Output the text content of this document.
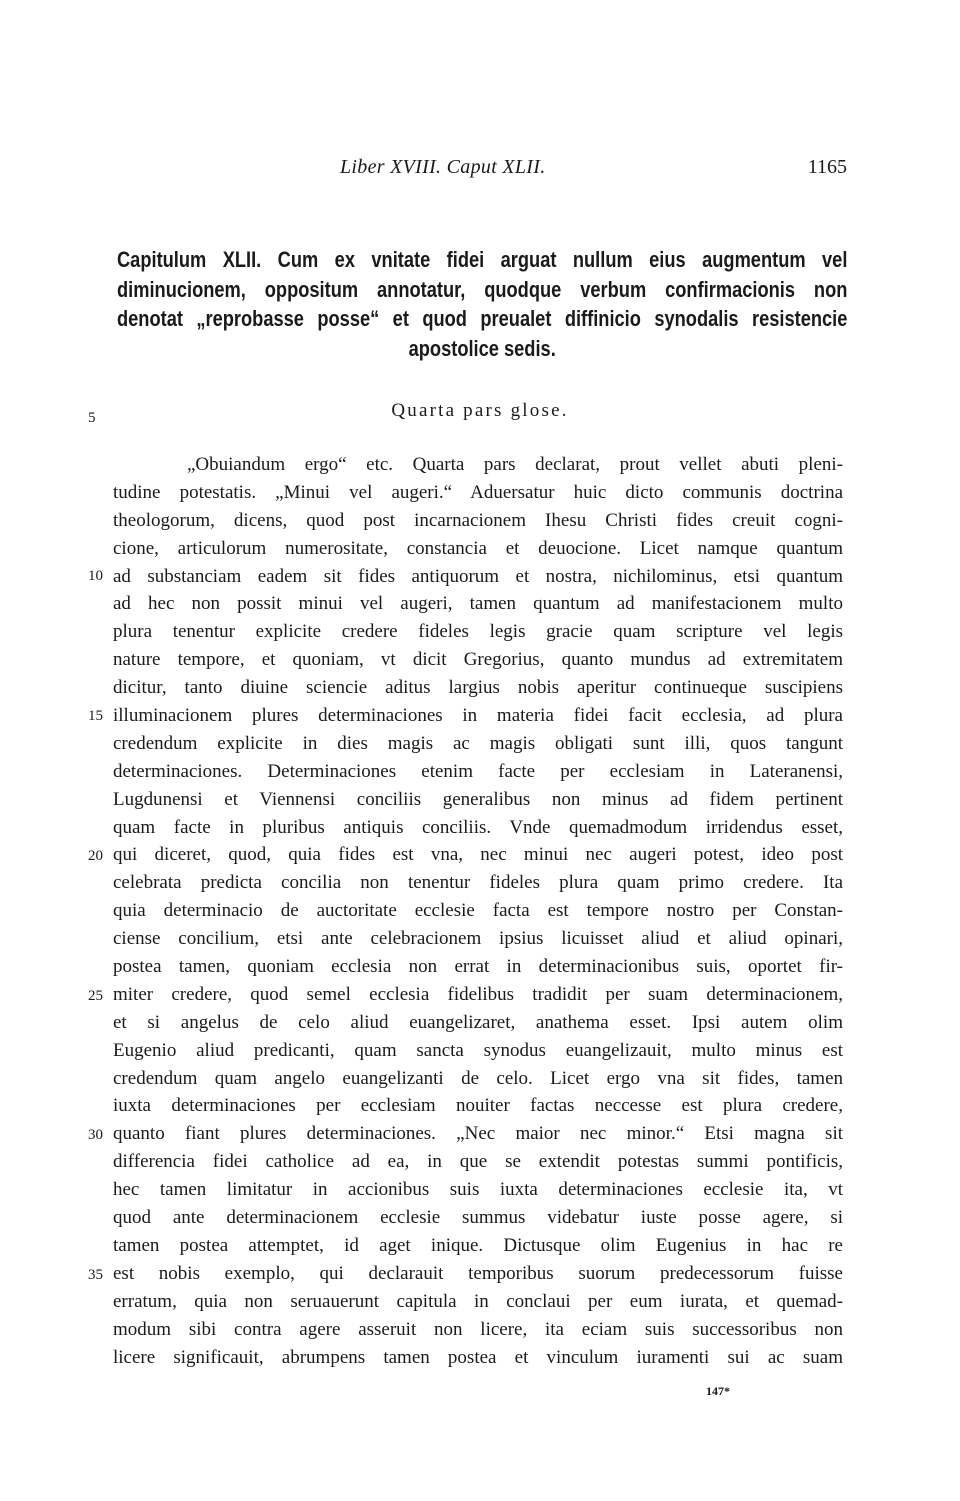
Liber XVIII. Caput XLII.	1165
Capitulum XLII. Cum ex vnitate fidei arguat nullum eius augmentum vel
diminucionem, oppositum annotatur, quodque verbum confirmacionis non
denotat „reprobasse posse“ et quod preualet diffinicio synodalis resistencie
apostolice sedis.
5	Quarta pars glose.
10
15
20
25
30
35
„Obuiandum ergo“ etc. Quarta pars declarat, prout vellet abuti pleni-
tudine potestatis. „Minui vel augeri.“ Aduersatur huic dicto communis doctrina
theologorum, dicens, quod post incarnacionem Ihesu Christi fides creuit cogni-
cione, articulorum numerositate, constancia et deuocione. Licet namque quantum
ad substanciam eadem sit fides antiquorum et nostra, nichilominus, etsi quantum
ad hec non possit minui vel augeri, tamen quantum ad manifestacionem multo
plura tenentur explicite credere fideles legis gracie quam scripture vel legis
nature tempore, et quoniam, vt dicit Gregorius, quanto mundus ad extremitatem
dicitur, tanto diuine sciencie aditus largius nobis aperitur continueque suscipiens
illuminacionem plures determinaciones in materia fidei facit ecclesia, ad plura
credendum explicite in dies magis ac magis obligati sunt illi, quos tangunt
determinaciones. Determinaciones etenim facte per ecclesiam in Lateranensi,
Lugdunensi et Viennensi conciliis generalibus non minus ad fidem pertinent
quam facte in pluribus antiquis conciliis. Vnde quemadmodum irridendus esset,
qui diceret, quod, quia fides est vna, nec minui nec augeri potest, ideo post
celebrata predicta concilia non tenentur fideles plura quam primo credere. Ita
quia determinacio de auctoritate ecclesie facta est tempore nostro per Constan-
ciense concilium, etsi ante celebracionem ipsius licuisset aliud et aliud opinari,
postea tamen, quoniam ecclesia non errat in determinacionibus suis, oportet fir-
miter credere, quod semel ecclesia fidelibus tradidit per suam determinacionem,
et si angelus de celo aliud euangelizaret, anathema esset. Ipsi autem olim
Eugenio aliud predicanti, quam sancta synodus euangelizauit, multo minus est
credendum quam angelo euangelizanti de celo. Licet ergo vna sit fides, tamen
iuxta determinaciones per ecclesiam nouiter factas neccesse est plura credere,
quanto fiant plures determinaciones. „Nec maior nec minor.“ Etsi magna sit
differencia fidei catholice ad ea, in que se extendit potestas summi pontificis,
hec tamen limitatur in accionibus suis iuxta determinaciones ecclesie ita, vt
quod ante determinacionem ecclesie summus videbatur iuste posse agere, si
tamen postea attemptet, id aget inique. Dictusque olim Eugenius in hac re
est nobis exemplo, qui declarauit temporibus suorum predecessorum fuisse
erratum, quia non seruauerunt capitula in conclaui per eum iurata, et quemad-
modum sibi contra agere asseruit non licere, ita eciam suis successoribus non
licere significauit, abrumpens tamen postea et vinculum iuramenti sui ac suam
147*
